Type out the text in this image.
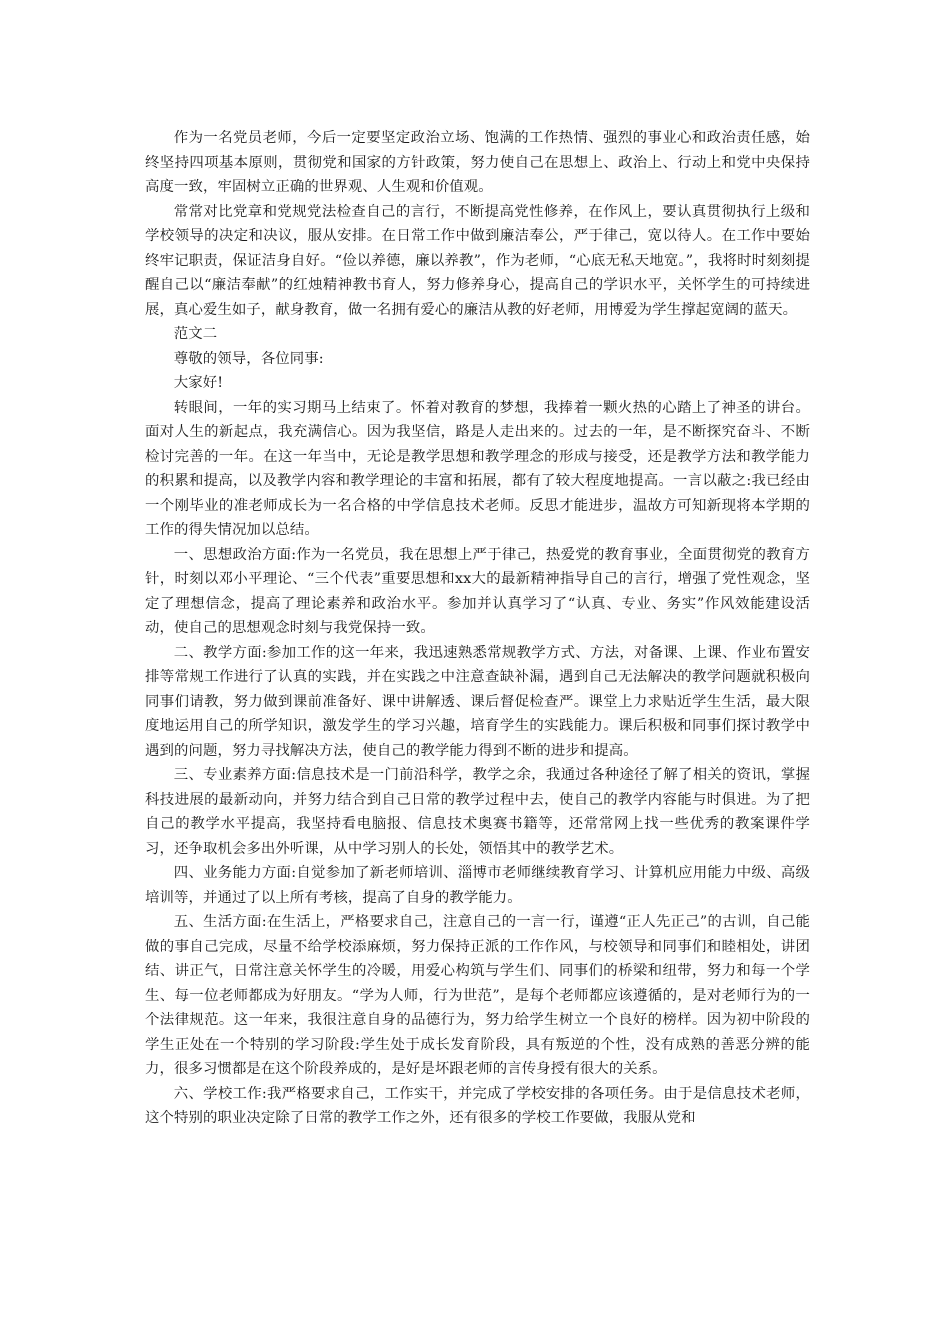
作为一名党员老师，今后一定要坚定政治立场、饱满的工作热情、强烈的事业心和政治责任感，始终坚持四项基本原则，贯彻党和国家的方针政策，努力使自己在思想上、政治上、行动上和党中央保持高度一致，牢固树立正确的世界观、人生观和价值观。

常常对比党章和党规党法检查自己的言行，不断提高党性修养，在作风上，要认真贯彻执行上级和学校领导的决定和决议，服从安排。在日常工作中做到廉洁奉公，严于律己，宽以待人。在工作中要始终牢记职责，保证洁身自好。“俭以养德，廉以养教”，作为老师，“心底无私天地宽。”，我将时时刻刻提醒自己以“廉洁奉献”的红烛精神教书育人，努力修养身心，提高自己的学识水平，关怀学生的可持续进展，真心爱生如子，献身教育，做一名拥有爱心的廉洁从教的好老师，用博爱为学生撑起宽阔的蓝天。

范文二

尊敬的领导，各位同事:

大家好!

转眼间，一年的实习期马上结束了。怀着对教育的梦想，我捧着一颗火热的心踏上了神圣的讲台。面对人生的新起点，我充满信心。因为我坚信，路是人走出来的。过去的一年，是不断探究奋斗、不断检讨完善的一年。在这一年当中，无论是教学思想和教学理念的形成与接受，还是教学方法和教学能力的积累和提高，以及教学内容和教学理论的丰富和拓展，都有了较大程度地提高。一言以蔽之:我已经由一个刚毕业的准老师成长为一名合格的中学信息技术老师。反思才能进步，温故方可知新现将本学期的工作的得失情况加以总结。

一、思想政治方面:作为一名党员，我在思想上严于律己，热爱党的教育事业，全面贯彻党的教育方针，时刻以邓小平理论、“三个代表”重要思想和xx大的最新精神指导自己的言行，增强了党性观念，坚定了理想信念，提高了理论素养和政治水平。参加并认真学习了“认真、专业、务实”作风效能建设活动，使自己的思想观念时刻与我党保持一致。

二、教学方面:参加工作的这一年来，我迅速熟悉常规教学方式、方法，对备课、上课、作业布置安排等常规工作进行了认真的实践，并在实践之中注意查缺补漏，遇到自己无法解决的教学问题就积极向同事们请教，努力做到课前准备好、课中讲解透、课后督促检查严。课堂上力求贴近学生生活，最大限度地运用自己的所学知识，激发学生的学习兴趣，培育学生的实践能力。课后积极和同事们探讨教学中遇到的问题，努力寻找解决方法，使自己的教学能力得到不断的进步和提高。

三、专业素养方面:信息技术是一门前沿科学，教学之余，我通过各种途径了解了相关的资讯，掌握科技进展的最新动向，并努力结合到自己日常的教学过程中去，使自己的教学内容能与时俱进。为了把自己的教学水平提高，我坚持看电脑报、信息技术奥赛书籍等，还常常网上找一些优秀的教案课件学习，还争取机会多出外听课，从中学习别人的长处，领悟其中的教学艺术。

四、业务能力方面:自觉参加了新老师培训、淄博市老师继续教育学习、计算机应用能力中级、高级培训等，并通过了以上所有考核，提高了自身的教学能力。

五、生活方面:在生活上，严格要求自己，注意自己的一言一行，谨遵“正人先正己”的古训，自己能做的事自己完成，尽量不给学校添麻烦，努力保持正派的工作作风，与校领导和同事们和睦相处，讲团结、讲正气，日常注意关怀学生的冷暖，用爱心构筑与学生们、同事们的桥梁和纽带，努力和每一个学生、每一位老师都成为好朋友。“学为人师，行为世范”，是每个老师都应该遵循的，是对老师行为的一个法律规范。这一年来，我很注意自身的品德行为，努力给学生树立一个良好的榜样。因为初中阶段的学生正处在一个特别的学习阶段:学生处于成长发育阶段，具有叛逆的个性，没有成熟的善恶分辨的能力，很多习惯都是在这个阶段养成的，是好是坏跟老师的言传身授有很大的关系。

六、学校工作:我严格要求自己，工作实干，并完成了学校安排的各项任务。由于是信息技术老师，这个特别的职业决定除了日常的教学工作之外，还有很多的学校工作要做，我服从党和
